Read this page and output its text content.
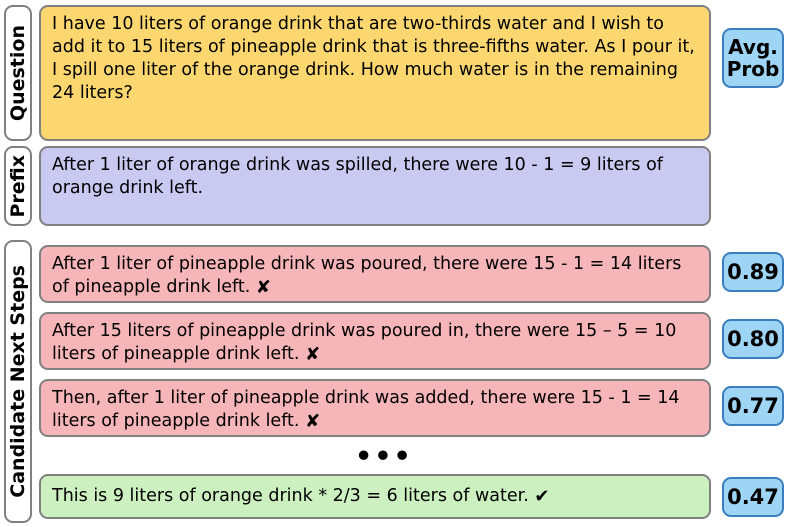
Question
Prefix
Candidate Next Steps
I have 10 liters of orange drink that are two-thirds water and I wish to add it to 15 liters of pineapple drink that is three-fifths water. As I pour it, I spill one liter of the orange drink. How much water is in the remaining 24 liters?
Avg.
Prob
After 1 liter of orange drink was spilled, there were 10 - 1 = 9 liters of orange drink left.
After 1 liter of pineapple drink was poured, there were 15 - 1 = 14 liters of pineapple drink left. ✘
0.89
After 15 liters of pineapple drink was poured in, there were 15 – 5 = 10 liters of pineapple drink left. ✘
0.80
Then, after 1 liter of pineapple drink was added, there were 15 - 1 = 14 liters of pineapple drink left. ✘
0.77
•••
This is 9 liters of orange drink * 2/3 = 6 liters of water. ✔	0.47
